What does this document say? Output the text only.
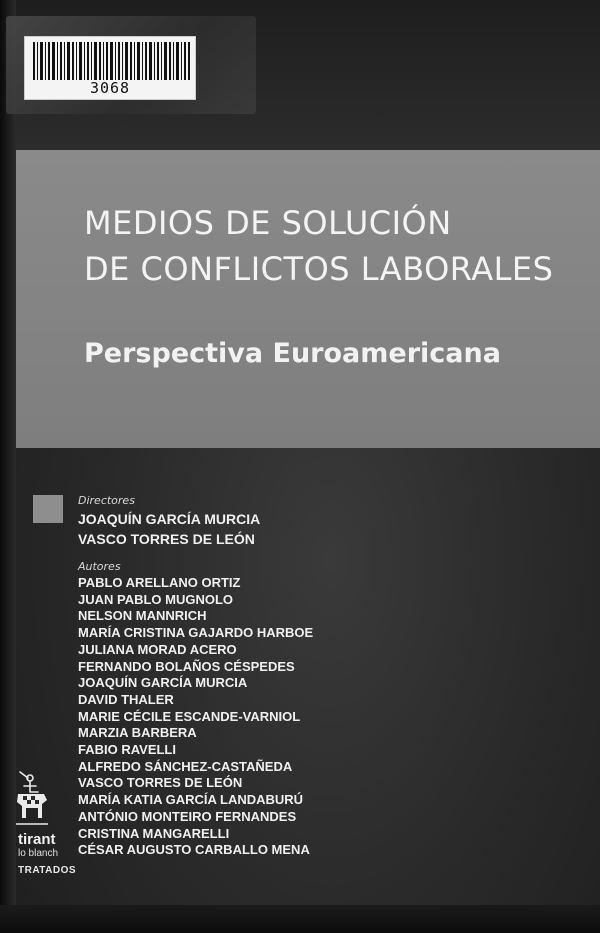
3068
MEDIOS DE SOLUCIÓN
DE CONFLICTOS LABORALES
Perspectiva Euroamericana
Directores
JOAQUÍN GARCÍA MURCIA
VASCO TORRES DE LEÓN
Autores
PABLO ARELLANO ORTIZ
JUAN PABLO MUGNOLO
NELSON MANNRICH
MARÍA CRISTINA GAJARDO HARBOE
JULIANA MORAD ACERO
FERNANDO BOLAÑOS CÉSPEDES
JOAQUÍN GARCÍA MURCIA
DAVID THALER
MARIE CÉCILE ESCANDE-VARNIOL
MARZIA BARBERA
FABIO RAVELLI
ALFREDO SÁNCHEZ-CASTAÑEDA
VASCO TORRES DE LEÓN
MARÍA KATIA GARCÍA LANDABURÚ
ANTÓNIO MONTEIRO FERNANDES
CRISTINA MANGARELLI
CÉSAR AUGUSTO CARBALLO MENA
tirant
lo blanch
TRATADOS
